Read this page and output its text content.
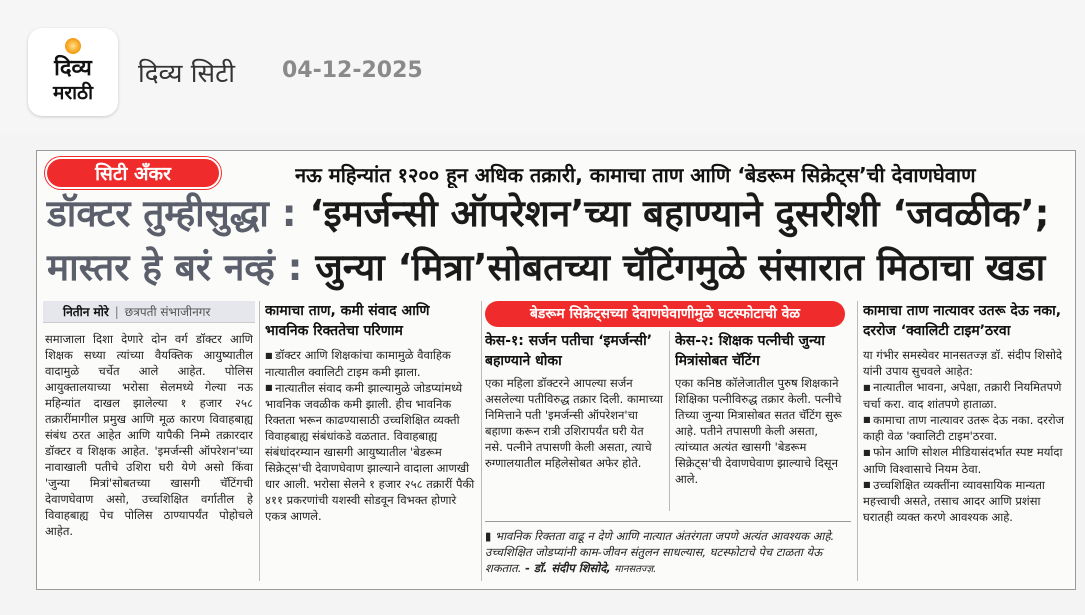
दिव्य
मराठी
दिव्य सिटी 04-12-2025
सिटी अँकर	नऊ महिन्यांत १२०० हून अधिक तक्रारी, कामाचा ताण आणि ‘बेडरूम सिक्रेट्स’ची देवाणघेवाण
डॉक्टर तुम्हीसुद्धा : ‘इमर्जन्सी ऑपरेशन’च्या बहाण्याने दुसरीशी ‘जवळीक’;
मास्तर हे बरं नव्हं : जुन्या ‘मित्रा’सोबतच्या चॅटिंगमुळे संसारात मिठाचा खडा
नितीन मोरे | छत्रपती संभाजीनगर

समाजाला दिशा देणारे दोन वर्ग डॉक्टर आणि शिक्षक सध्या त्यांच्या वैयक्तिक आयुष्यातील वादामुळे चर्चेत आले आहेत. पोलिस आयुक्तालयाच्या भरोसा सेलमध्ये गेल्या नऊ महिन्यांत दाखल झालेल्या १ हजार २५८ तक्रारींमागील प्रमुख आणि मूळ कारण विवाहबाह्य संबंध ठरत आहेत आणि यापैकी निम्मे तक्रारदार डॉक्टर व शिक्षक आहेत. 'इमर्जन्सी ऑपरेशन'च्या नावाखाली पतीचे उशिरा घरी येणे असो किंवा 'जुन्या मित्रां'सोबतच्या खासगी चॅटिंगची देवाणघेवाण असो, उच्चशिक्षित वर्गातील हे विवाहबाह्य पेच पोलिस ठाण्यापर्यंत पोहोचले आहेत.

कामाचा ताण, कमी संवाद आणि भावनिक रिक्ततेचा परिणाम

■ डॉक्टर आणि शिक्षकांचा कामामुळे वैवाहिक नात्यातील क्वालिटी टाइम कमी झाला.

■ नात्यातील संवाद कमी झाल्यामुळे जोडप्यांमध्ये भावनिक जवळीक कमी झाली. हीच भावनिक रिक्तता भरून काढण्यासाठी उच्चशिक्षित व्यक्ती विवाहबाह्य संबंधांकडे वळतात. विवाहबाह्य संबंधांदरम्यान खासगी आयुष्यातील 'बेडरूम सिक्रेट्स'ची देवाणघेवाण झाल्याने वादाला आणखी धार आली. भरोसा सेलने १ हजार २५८ तक्रारीं पैकी ४११ प्रकरणांची यशस्वी सोडवून विभक्त होणारे एकत्र आणले.

बेडरूम सिक्रेट्सच्या देवाणघेवाणीमुळे घटस्फोटाची वेळ
केस-१: सर्जन पतीचा ‘इमर्जन्सी’ बहाण्याने धोका

एका महिला डॉक्टरने आपल्या सर्जन असलेल्या पतीविरुद्ध तक्रार दिली. कामाच्या निमित्ताने पती 'इमर्जन्सी ऑपरेशन'चा बहाणा करून रात्री उशिरापर्यंत घरी येत नसे. पत्नीने तपासणी केली असता, त्याचे रुग्णालयातील महिलेसोबत अफेर होते.

केस-२: शिक्षक पत्नीची जुन्या मित्रांसोबत चॅटिंग

एका कनिष्ठ कॉलेजातील पुरुष शिक्षकाने शिक्षिका पत्नीविरुद्ध तक्रार केली. पत्नीचे तिच्या जुन्या मित्रासोबत सतत चॅटिंग सुरू आहे. पतीने तपासणी केली असता, त्यांच्यात अत्यंत खासगी 'बेडरूम सिक्रेट्स'ची देवाणघेवाण झाल्याचे दिसून आले.

▮ भावनिक रिक्तता वाढू न देणे आणि नात्यात अंतरंगता जपणे अत्यंत आवश्यक आहे. उच्चशिक्षित जोडप्यांनी काम-जीवन संतुलन साधल्यास, घटस्फोटाचे पेच टाळता येऊ शकतात. - डॉ. संदीप शिसोदे, मानसतज्ज्ञ.
कामाचा ताण नात्यावर उतरू देऊ नका, दररोज ‘क्वालिटी टाइम’ठरवा

या गंभीर समस्येवर मानसतज्ज्ञ डॉ. संदीप शिसोदे यांनी उपाय सुचवले आहेत:

■ नात्यातील भावना, अपेक्षा, तक्रारी नियमितपणे चर्चा करा. वाद शांतपणे हाताळा.

■ कामाचा ताण नात्यावर उतरू देऊ नका. दररोज काही वेळ 'क्वालिटी टाइम'ठरवा.

■ फोन आणि सोशल मीडियासंदर्भात स्पष्ट मर्यादा आणि विश्वासाचे नियम ठेवा.

■ उच्चशिक्षित व्यक्तींना व्यावसायिक मान्यता महत्त्वाची असते, तसाच आदर आणि प्रशंसा घरातही व्यक्त करणे आवश्यक आहे.
